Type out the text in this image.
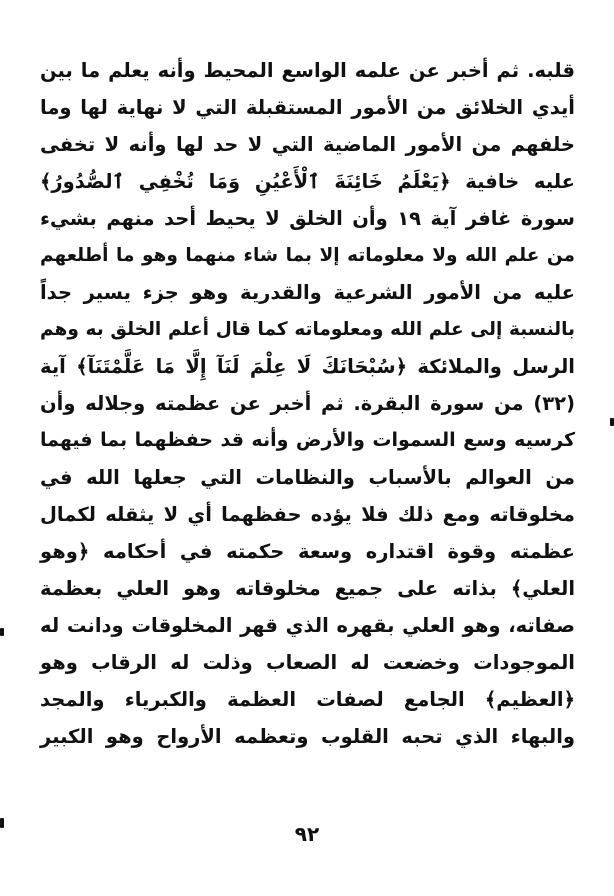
قلبه. ثم أخبر عن علمه الواسع المحيط وأنه يعلم ما بين
أيدي الخلائق من الأمور المستقبلة التي لا نهاية لها وما
خلفهم من الأمور الماضية التي لا حد لها وأنه لا تخفى
عليه خافية ﴿يَعْلَمُ خَائِنَةَ ٱلْأَعْيُنِ وَمَا تُخْفِي ٱلصُّدُورُ﴾
سورة غافر آية ١٩ وأن الخلق لا يحيط أحد منهم بشيء
من علم الله ولا معلوماته إلا بما شاء منهما وهو ما أطلعهم
عليه من الأمور الشرعية والقدرية وهو جزء يسير جداً
بالنسبة إلى علم الله ومعلوماته كما قال أعلم الخلق به وهم
الرسل والملائكة ﴿سُبْحَانَكَ لَا عِلْمَ لَنَآ إِلَّا مَا عَلَّمْتَنَآ﴾ آية
(٣٢) من سورة البقرة. ثم أخبر عن عظمته وجلاله وأن
كرسيه وسع السموات والأرض وأنه قد حفظهما بما فيهما
من العوالم بالأسباب والنظامات التي جعلها الله في
مخلوقاته ومع ذلك فلا يؤده حفظهما أي لا يثقله لكمال
عظمته وقوة اقتداره وسعة حكمته في أحكامه ﴿وهو
العلي﴾ بذاته على جميع مخلوقاته وهو العلي بعظمة
صفاته، وهو العلي بقهره الذي قهر المخلوقات ودانت له
الموجودات وخضعت له الصعاب وذلت له الرقاب وهو
﴿العظيم﴾ الجامع لصفات العظمة والكبرياء والمجد
والبهاء الذي تحبه القلوب وتعظمه الأرواح وهو الكبير
٩٢
